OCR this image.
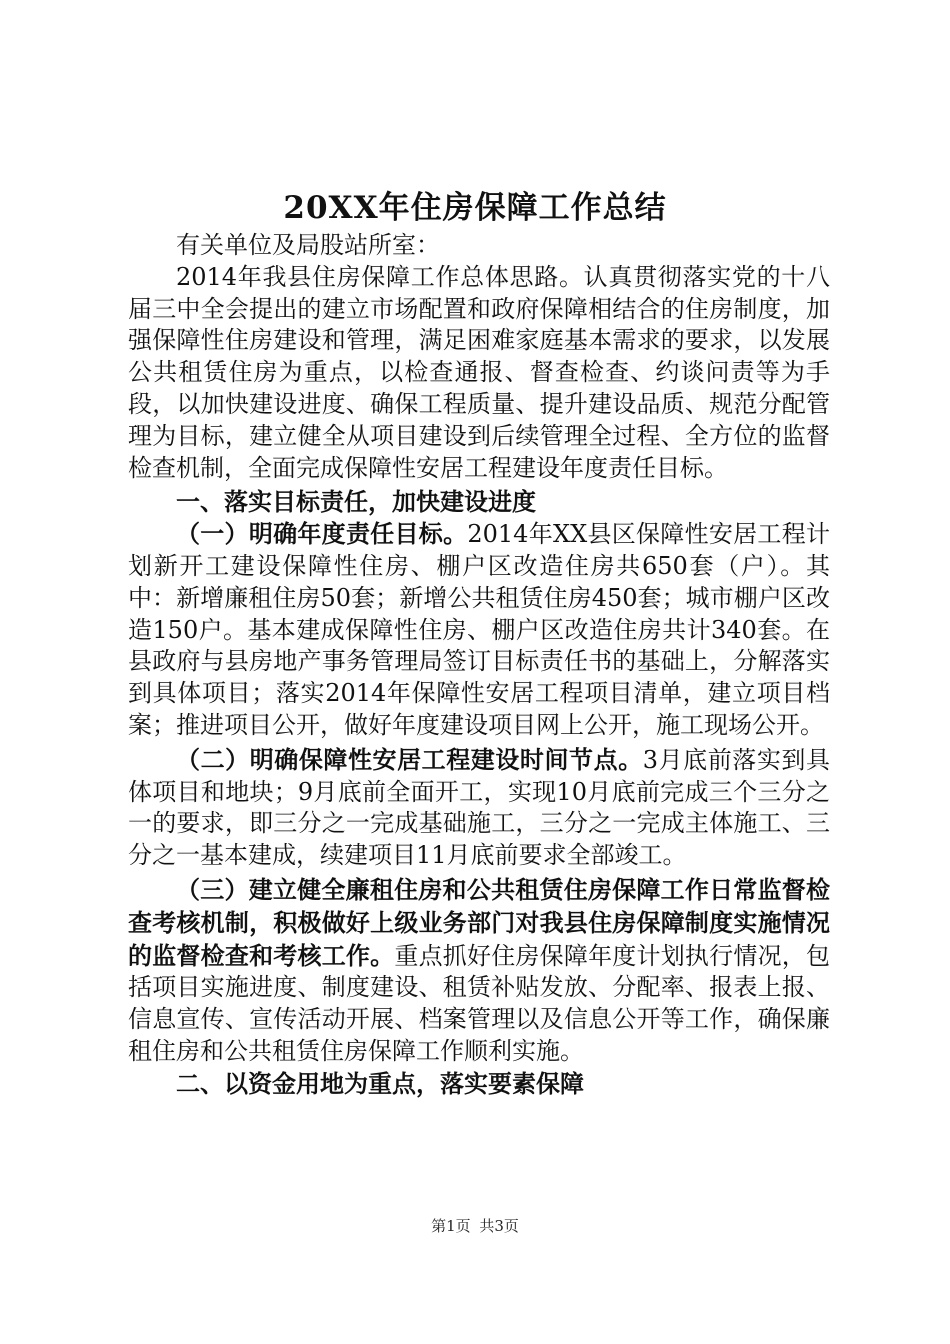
20XX年住房保障工作总结

有关单位及局股站所室：

2014年我县住房保障工作总体思路。认真贯彻落实党的十八届三中全会提出的建立市场配置和政府保障相结合的住房制度，加强保障性住房建设和管理，满足困难家庭基本需求的要求，以发展公共租赁住房为重点，以检查通报、督查检查、约谈问责等为手段，以加快建设进度、确保工程质量、提升建设品质、规范分配管理为目标，建立健全从项目建设到后续管理全过程、全方位的监督检查机制，全面完成保障性安居工程建设年度责任目标。

一、落实目标责任，加快建设进度

（一）明确年度责任目标。2014年XX县区保障性安居工程计划新开工建设保障性住房、棚户区改造住房共650套（户）。其中：新增廉租住房50套；新增公共租赁住房450套；城市棚户区改造150户。基本建成保障性住房、棚户区改造住房共计340套。在县政府与县房地产事务管理局签订目标责任书的基础上，分解落实到具体项目；落实2014年保障性安居工程项目清单，建立项目档案；推进项目公开，做好年度建设项目网上公开，施工现场公开。

（二）明确保障性安居工程建设时间节点。3月底前落实到具体项目和地块；9月底前全面开工，实现10月底前完成三个三分之一的要求，即三分之一完成基础施工，三分之一完成主体施工、三分之一基本建成，续建项目11月底前要求全部竣工。

（三）建立健全廉租住房和公共租赁住房保障工作日常监督检查考核机制，积极做好上级业务部门对我县住房保障制度实施情况的监督检查和考核工作。重点抓好住房保障年度计划执行情况，包括项目实施进度、制度建设、租赁补贴发放、分配率、报表上报、信息宣传、宣传活动开展、档案管理以及信息公开等工作，确保廉租住房和公共租赁住房保障工作顺利实施。

二、以资金用地为重点，落实要素保障

第1页 共3页
